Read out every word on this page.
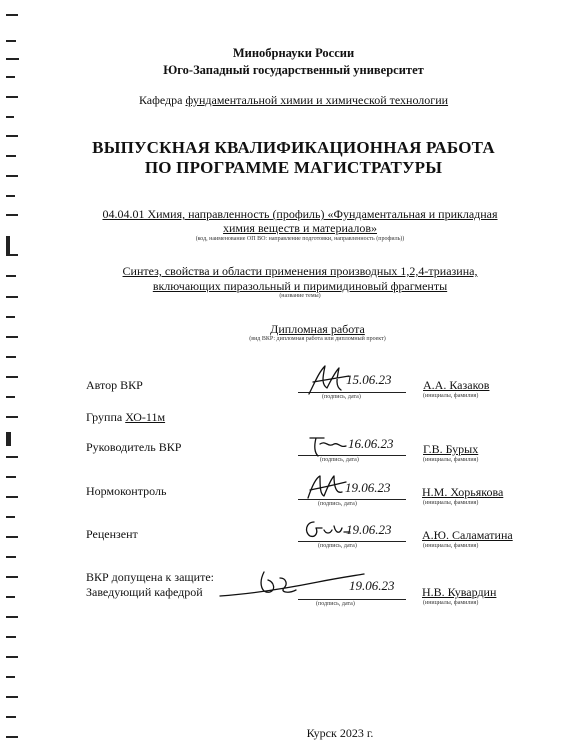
Минобрнауки России
Юго-Западный государственный университет
Кафедра фундаментальной химии и химической технологии
ВЫПУСКНАЯ КВАЛИФИКАЦИОННАЯ РАБОТА
ПО ПРОГРАММЕ МАГИСТРАТУРЫ
04.04.01 Химия, направленность (профиль) «Фундаментальная и прикладная
химия веществ и материалов»
(код, наименование ОП ВО: направление подготовки, направленность (профиль))
Синтез, свойства и области применения производных 1,2,4-триазина,
включающих пиразольный и пиримидиновый фрагменты
(название темы)
Дипломная работа
(вид ВКР: дипломная работа или дипломный проект)
Автор ВКР	15.06.23
(подпись, дата)
А.А. Казаков
(инициалы, фамилия)
Группа ХО-11м
Руководитель ВКР	16.06.23
(подпись, дата)
Г.В. Бурых
(инициалы, фамилия)
Нормоконтроль	19.06.23
(подпись, дата)
Н.М. Хорьякова
(инициалы, фамилия)
Рецензент	19.06.23
(подпись, дата)
А.Ю. Саламатина
(инициалы, фамилия)
ВКР допущена к защите:
Заведующий кафедрой	19.06.23
(подпись, дата)
Н.В. Кувардин
(инициалы, фамилия)
Курск 2023 г.
